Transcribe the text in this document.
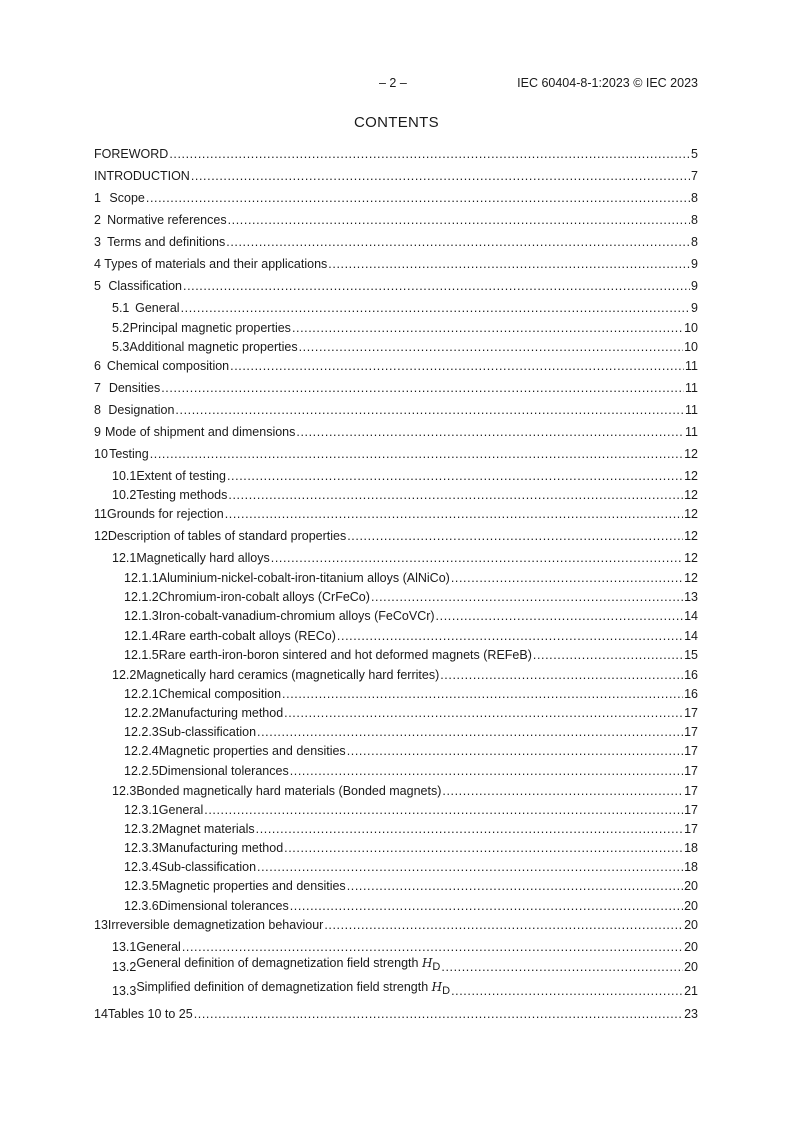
– 2 –	IEC 60404-8-1:2023 © IEC 2023
CONTENTS
FOREWORD .....	5
INTRODUCTION .....	7
1 Scope .....	8
2 Normative references .....	8
3 Terms and definitions .....	8
4 Types of materials and their applications .....	9
5 Classification .....	9
5.1 General .....	9
5.2 Principal magnetic properties .....	10
5.3 Additional magnetic properties .....	10
6 Chemical composition .....	11
7 Densities .....	11
8 Designation .....	11
9 Mode of shipment and dimensions .....	11
10 Testing .....	12
10.1 Extent of testing .....	12
10.2 Testing methods .....	12
11 Grounds for rejection .....	12
12 Description of tables of standard properties .....	12
12.1 Magnetically hard alloys .....	12
12.1.1 Aluminium-nickel-cobalt-iron-titanium alloys (AlNiCo) .....	12
12.1.2 Chromium-iron-cobalt alloys (CrFeCo) .....	13
12.1.3 Iron-cobalt-vanadium-chromium alloys (FeCoVCr) .....	14
12.1.4 Rare earth-cobalt alloys (RECo) .....	14
12.1.5 Rare earth-iron-boron sintered and hot deformed magnets (REFeB) .....	15
12.2 Magnetically hard ceramics (magnetically hard ferrites) .....	16
12.2.1 Chemical composition .....	16
12.2.2 Manufacturing method .....	17
12.2.3 Sub-classification .....	17
12.2.4 Magnetic properties and densities .....	17
12.2.5 Dimensional tolerances .....	17
12.3 Bonded magnetically hard materials (Bonded magnets) .....	17
12.3.1 General .....	17
12.3.2 Magnet materials .....	17
12.3.3 Manufacturing method .....	18
12.3.4 Sub-classification .....	18
12.3.5 Magnetic properties and densities .....	20
12.3.6 Dimensional tolerances .....	20
13 Irreversible demagnetization behaviour .....	20
13.1 General .....	20
13.2 General definition of demagnetization field strength HD .....	20
13.3 Simplified definition of demagnetization field strength HD .....	21
14 Tables 10 to 25 .....	23
